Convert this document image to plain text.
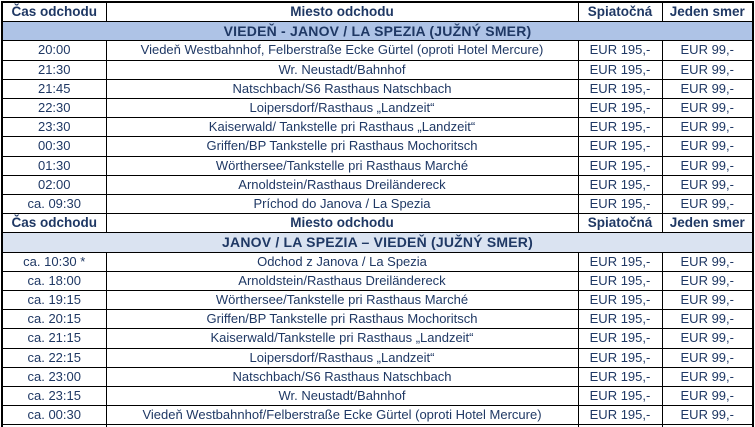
Čas odchodu	Miesto odchodu	Spiatočná	Jeden smer
VIEDEŇ - JANOV / LA SPEZIA (JUŽNÝ SMER)			
20:00	Viedeň Westbahnhof, Felberstraße Ecke Gürtel (oproti Hotel Mercure)	EUR 195,-	EUR 99,-
21:30	Wr. Neustadt/Bahnhof	EUR 195,-	EUR 99,-
21:45	Natschbach/S6 Rasthaus Natschbach	EUR 195,-	EUR 99,-
22:30	Loipersdorf/Rasthaus „Landzeit“	EUR 195,-	EUR 99,-
23:30	Kaiserwald/ Tankstelle pri Rasthaus „Landzeit“	EUR 195,-	EUR 99,-
00:30	Griffen/BP Tankstelle pri Rasthaus Mochoritsch	EUR 195,-	EUR 99,-
01:30	Wörthersee/Tankstelle pri Rasthaus Marché	EUR 195,-	EUR 99,-
02:00	Arnoldstein/Rasthaus Dreiländereck	EUR 195,-	EUR 99,-
ca. 09:30	Príchod do Janova / La Spezia	EUR 195,-	EUR 99,-
Čas odchodu	Miesto odchodu	Spiatočná	Jeden smer
JANOV / LA SPEZIA – VIEDEŇ (JUŽNÝ SMER)			
ca. 10:30 *	Odchod z Janova / La Spezia	EUR 195,-	EUR 99,-
ca. 18:00	Arnoldstein/Rasthaus Dreiländereck	EUR 195,-	EUR 99,-
ca. 19:15	Wörthersee/Tankstelle pri Rasthaus Marché	EUR 195,-	EUR 99,-
ca. 20:15	Griffen/BP Tankstelle pri Rasthaus Mochoritsch	EUR 195,-	EUR 99,-
ca. 21:15	Kaiserwald/Tankstelle pri Rasthaus „Landzeit“	EUR 195,-	EUR 99,-
ca. 22:15	Loipersdorf/Rasthaus „Landzeit“	EUR 195,-	EUR 99,-
ca. 23:00	Natschbach/S6 Rasthaus Natschbach	EUR 195,-	EUR 99,-
ca. 23:15	Wr. Neustadt/Bahnhof	EUR 195,-	EUR 99,-
ca. 00:30	Viedeň Westbahnhof/Felberstraße Ecke Gürtel (oproti Hotel Mercure)	EUR 195,-	EUR 99,-
